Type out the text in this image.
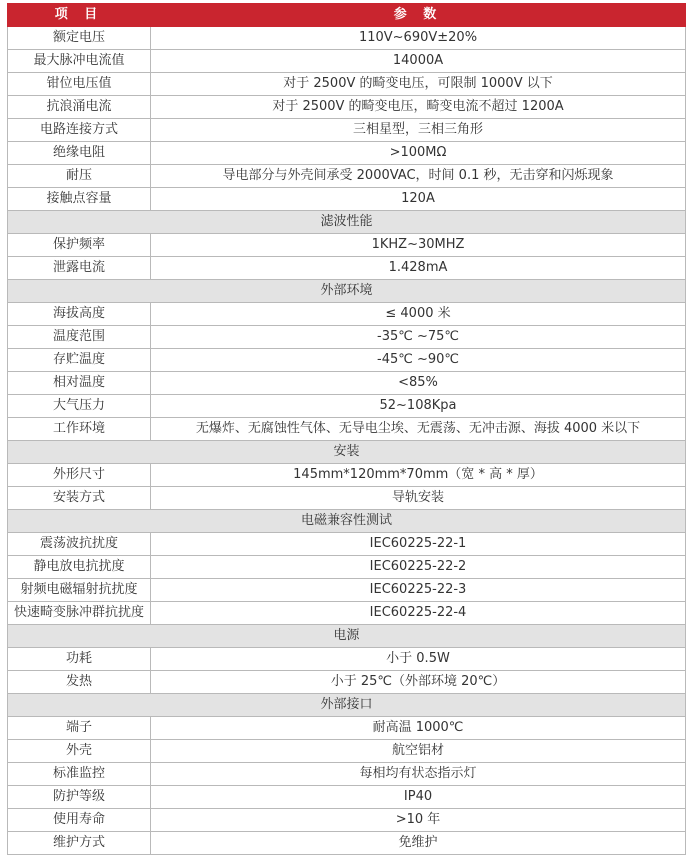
项 目	参 数
额定电压	110V~690V±20%
最大脉冲电流值	14000A
钳位电压值	对于 2500V 的畸变电压，可限制 1000V 以下
抗浪涌电流	对于 2500V 的畸变电压，畸变电流不超过 1200A
电路连接方式	三相星型，三相三角形
绝缘电阻	>100MΩ
耐压	导电部分与外壳间承受 2000VAC，时间 0.1 秒，无击穿和闪烁现象
接触点容量	120A
滤波性能	
保护频率	1KHZ~30MHZ
泄露电流	1.428mA
外部环境	
海拔高度	≤ 4000 米
温度范围	-35℃ ~75℃
存贮温度	-45℃ ~90℃
相对温度	<85%
大气压力	52~108Kpa
工作环境	无爆炸、无腐蚀性气体、无导电尘埃、无震荡、无冲击源、海拔 4000 米以下
安装	
外形尺寸	145mm*120mm*70mm（宽 * 高 * 厚）
安装方式	导轨安装
电磁兼容性测试	
震荡波抗扰度	IEC60225-22-1
静电放电抗扰度	IEC60225-22-2
射频电磁辐射抗扰度	IEC60225-22-3
快速畸变脉冲群抗扰度	IEC60225-22-4
电源	
功耗	小于 0.5W
发热	小于 25℃（外部环境 20℃）
外部接口	
端子	耐高温 1000℃
外壳	航空铝材
标准监控	每相均有状态指示灯
防护等级	IP40
使用寿命	>10 年
维护方式	免维护
